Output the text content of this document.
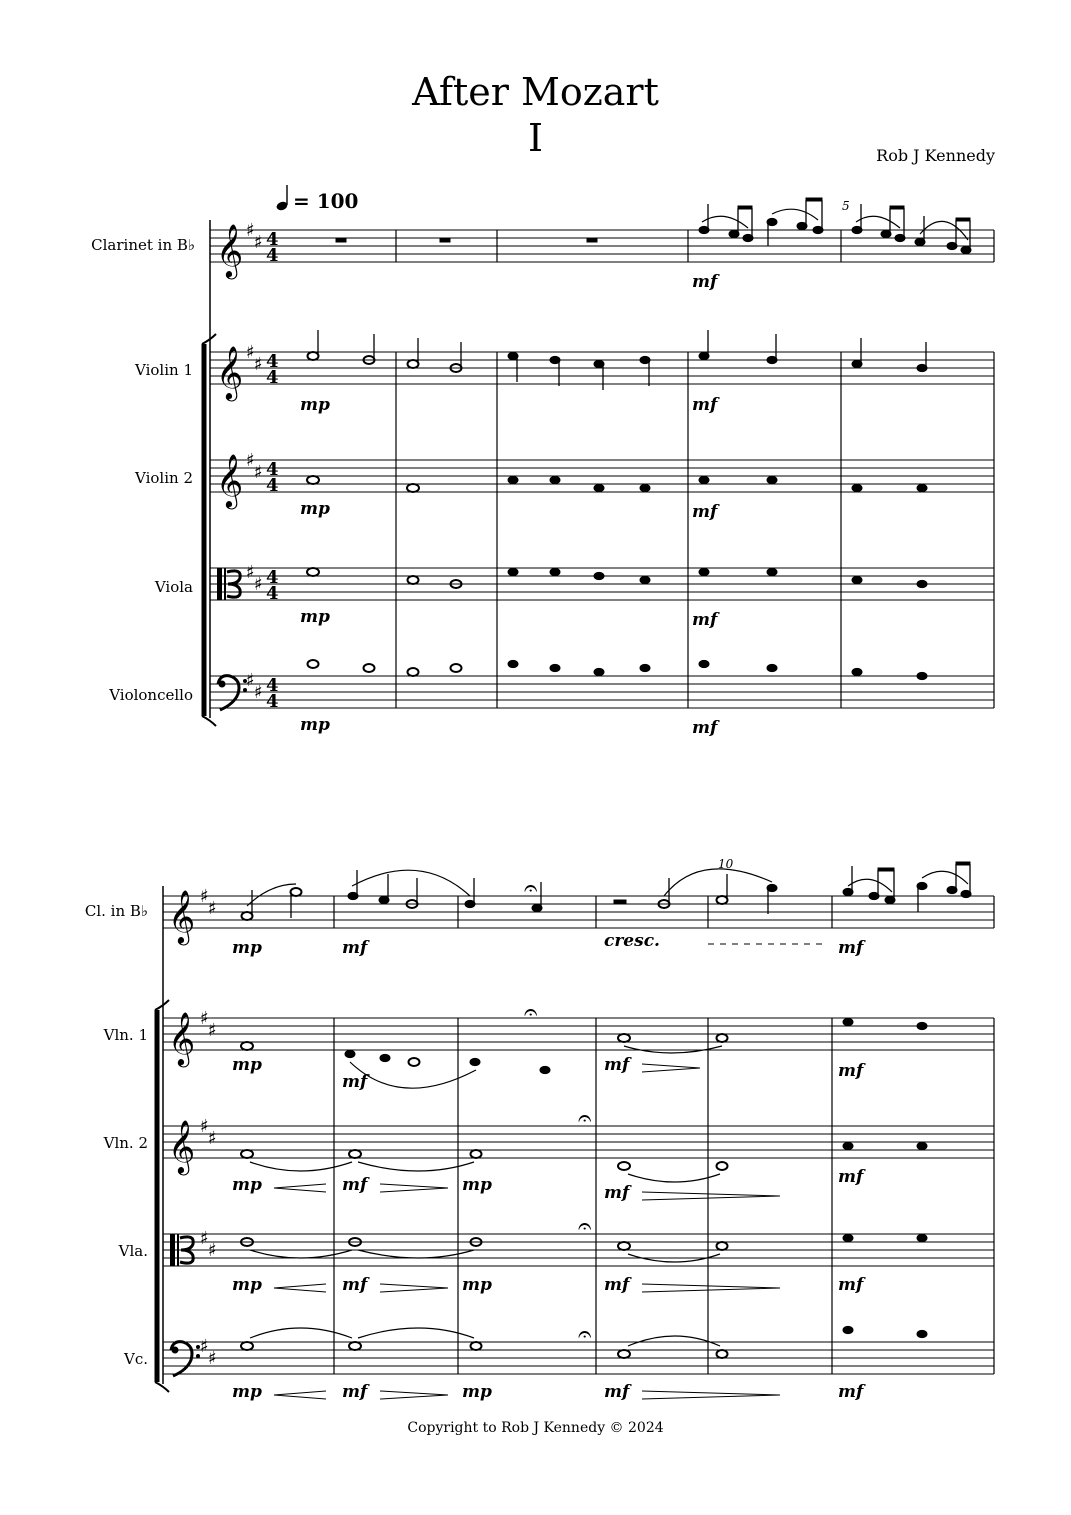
After Mozart
I	Rob J Kennedy
= 100	5
Clarinet in B♭
Violin 1
Violin 2
Viola
Violoncello
𝄞
𝄞
𝄞
♯
♯
♯
♯
♯
♯
♯
♯
♯
♯
4
4
4
4
4
4
4
4
4
4
mf
mp	mf
mp	mf
mp	mf
mp	mf
10
Cl. in B♭
Vln. 1
Vln. 2
Vla.
Vc.
𝄞
𝄞
𝄞
♯
♯
♯
♯
♯
♯
♯
♯
♯
♯
cresc.
mp	mf	mf
mp
mf
mf	mf
mp	mf	mp	mf
mf
mp	mf	mp	mf	mf
mp	mf	mp	mf	mf
𝄐
𝄐
𝄐
𝄐
𝄐
Copyright to Rob J Kennedy © 2024
